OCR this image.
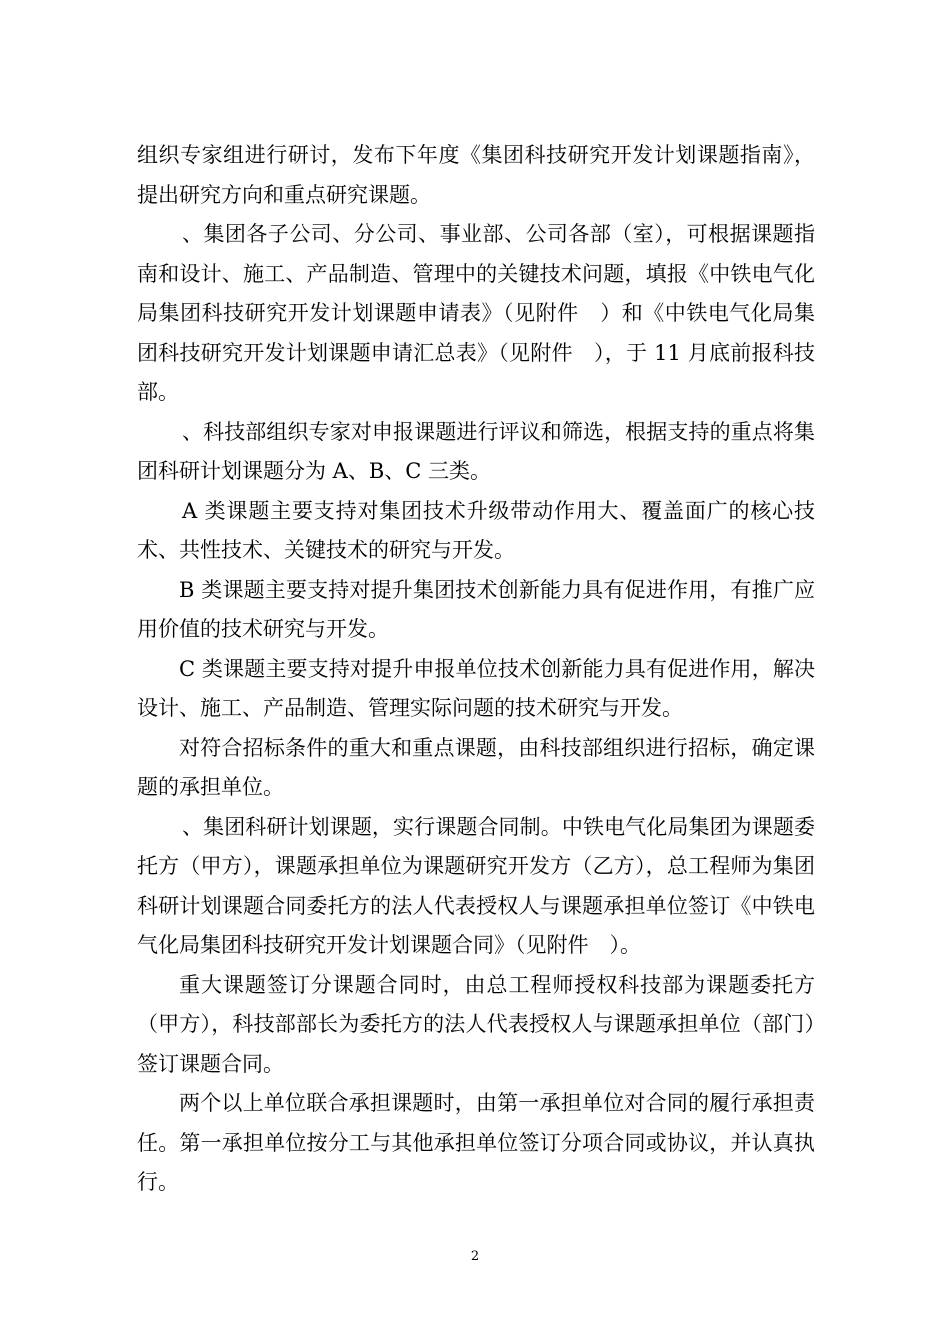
组织专家组进行研讨，发布下年度《集团科技研究开发计划课题指南》，提出研究方向和重点研究课题。

、集团各子公司、分公司、事业部、公司各部（室），可根据课题指南和设计、施工、产品制造、管理中的关键技术问题，填报《中铁电气化局集团科技研究开发计划课题申请表》（见附件　）和《中铁电气化局集团科技研究开发计划课题申请汇总表》（见附件　），于 11 月底前报科技部。

、科技部组织专家对申报课题进行评议和筛选，根据支持的重点将集团科研计划课题分为 A、B、C 三类。

A 类课题主要支持对集团技术升级带动作用大、覆盖面广的核心技术、共性技术、关键技术的研究与开发。

B 类课题主要支持对提升集团技术创新能力具有促进作用，有推广应用价值的技术研究与开发。

C 类课题主要支持对提升申报单位技术创新能力具有促进作用，解决设计、施工、产品制造、管理实际问题的技术研究与开发。

对符合招标条件的重大和重点课题，由科技部组织进行招标，确定课题的承担单位。

、集团科研计划课题，实行课题合同制。中铁电气化局集团为课题委托方（甲方），课题承担单位为课题研究开发方（乙方），总工程师为集团科研计划课题合同委托方的法人代表授权人与课题承担单位签订《中铁电气化局集团科技研究开发计划课题合同》（见附件　）。

重大课题签订分课题合同时，由总工程师授权科技部为课题委托方（甲方），科技部部长为委托方的法人代表授权人与课题承担单位（部门）签订课题合同。

两个以上单位联合承担课题时，由第一承担单位对合同的履行承担责任。第一承担单位按分工与其他承担单位签订分项合同或协议，并认真执行。

2
